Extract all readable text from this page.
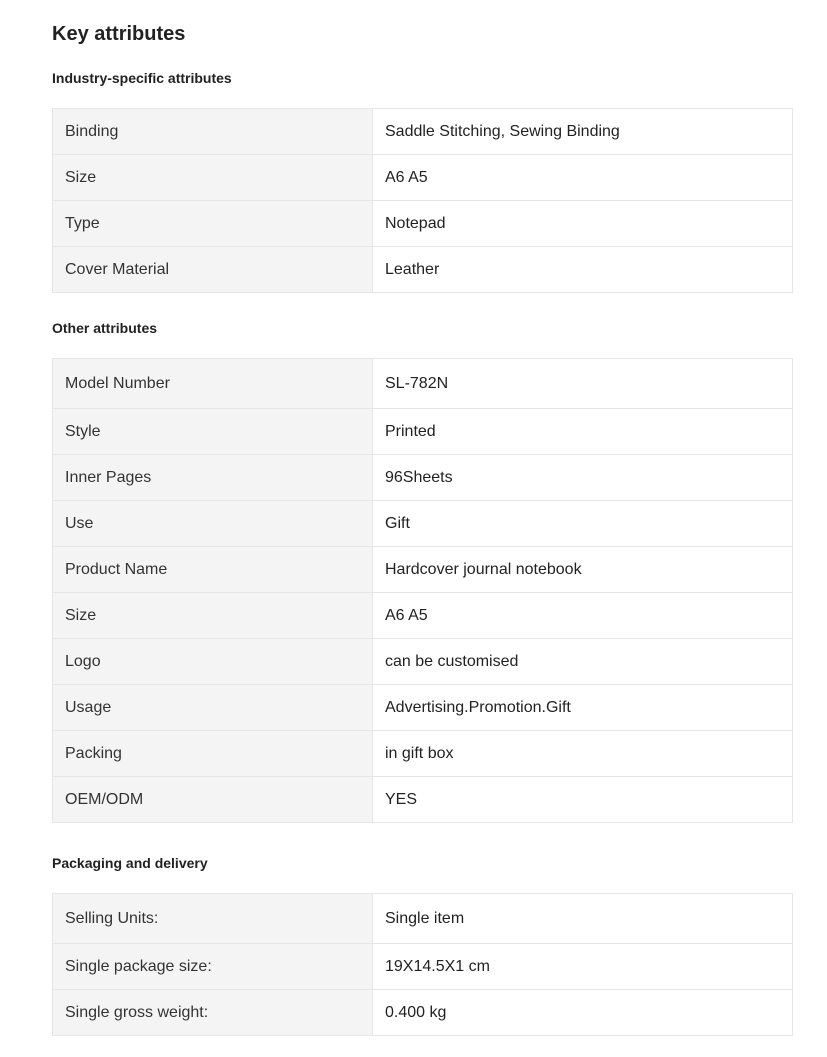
Key attributes
Industry-specific attributes
Binding	Saddle Stitching, Sewing Binding
Size	A6 A5
Type	Notepad
Cover Material	Leather
Other attributes
Model Number	SL-782N
Style	Printed
Inner Pages	96Sheets
Use	Gift
Product Name	Hardcover journal notebook
Size	A6 A5
Logo	can be customised
Usage	Advertising.Promotion.Gift
Packing	in gift box
OEM/ODM	YES
Packaging and delivery
Selling Units:	Single item
Single package size:	19X14.5X1 cm
Single gross weight:	0.400 kg
